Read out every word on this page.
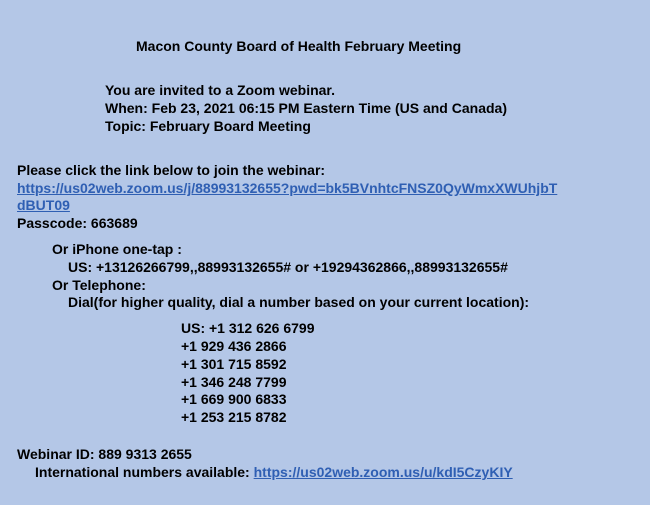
Macon County Board of Health February Meeting
You are invited to a Zoom webinar.
When: Feb 23, 2021 06:15 PM Eastern Time (US and Canada)
Topic: February Board Meeting
Please click the link below to join the webinar:
https://us02web.zoom.us/j/88993132655?pwd=bk5BVnhtcFNSZ0QyWmxXWUhjbT
dBUT09
Passcode: 663689
Or iPhone one-tap :
US: +13126266799,,88993132655# or +19294362866,,88993132655#
Or Telephone:
Dial(for higher quality, dial a number based on your current location):
US: +1 312 626 6799
+1 929 436 2866
+1 301 715 8592
+1 346 248 7799
+1 669 900 6833
+1 253 215 8782
Webinar ID: 889 9313 2655
International numbers available: https://us02web.zoom.us/u/kdI5CzyKIY
